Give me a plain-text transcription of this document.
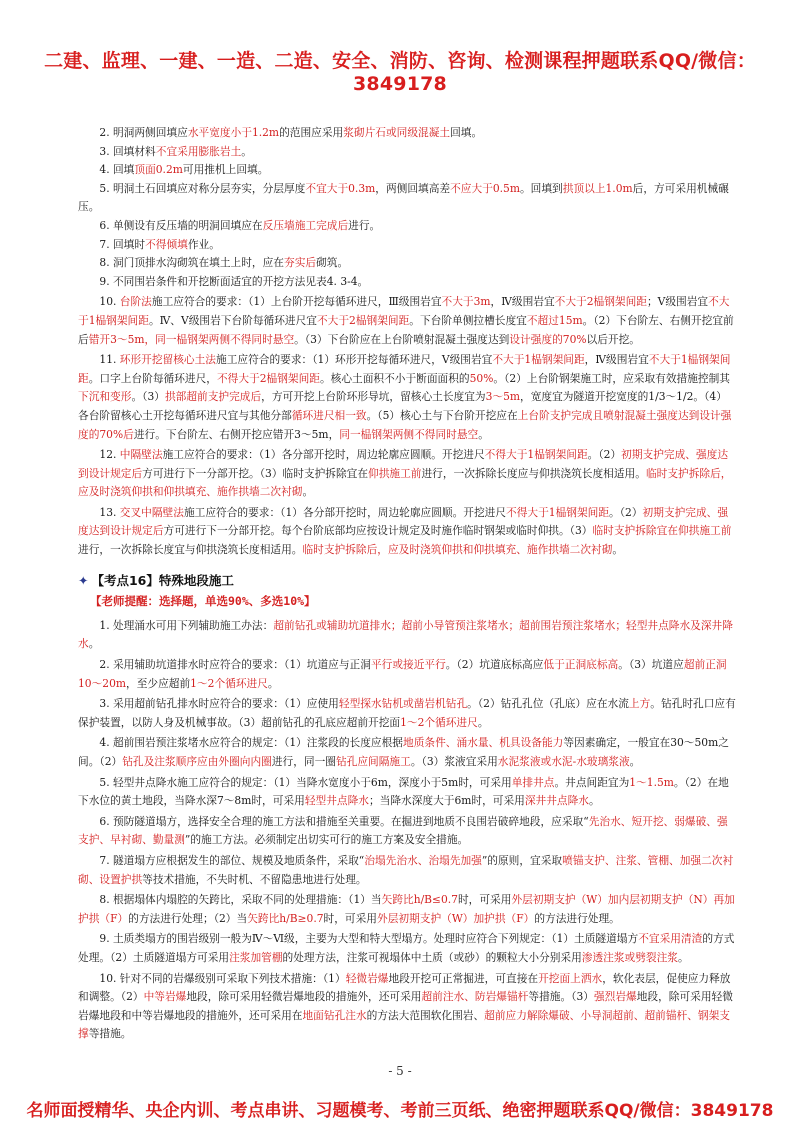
二建、监理、一建、一造、二造、安全、消防、咨询、检测课程押题联系QQ/微信：3849178

2. 明洞两侧回填应水平宽度小于1.2m的范围应采用浆砌片石或同级混凝土回填。

3. 回填材料不宜采用膨胀岩土。

4. 回填顶面0.2m可用推机上回填。

5. 明洞土石回填应对称分层夯实，分层厚度不宜大于0.3m，两侧回填高差不应大于0.5m。回填到拱顶以上1.0m后，方可采用机械碾压。

6. 单侧设有反压墙的明洞回填应在反压墙施工完成后进行。

7. 回填时不得倾填作业。

8. 洞门顶排水沟砌筑在填土上时，应在夯实后砌筑。

9. 不同围岩条件和开挖断面适宜的开挖方法见表4. 3-4。

10. 台阶法施工应符合的要求：（1）上台阶开挖每循环进尺，Ⅲ级围岩宜不大于3m，Ⅳ级围岩宜不大于2榀钢架间距；Ⅴ级围岩宜不大于1榀钢架间距。Ⅳ、Ⅴ级围岩下台阶每循环进尺宜不大于2榀钢架间距。下台阶单侧拉槽长度宜不超过15m。（2）下台阶左、右侧开挖宜前后错开3～5m，同一榀钢架两侧不得同时悬空。（3）下台阶应在上台阶喷射混凝土强度达到设计强度的70%以后开挖。

11. 环形开挖留核心土法施工应符合的要求：（1）环形开挖每循环进尺，Ⅴ级围岩宜不大于1榀钢架间距，Ⅳ级围岩宜不大于1榀钢架间距。口字上台阶每循环进尺，不得大于2榀钢架间距。核心土面积不小于断面面积的50%。（2）上台阶钢架施工时，应采取有效措施控制其下沉和变形。（3）拱部超前支护完成后，方可开挖上台阶环形导坑，留核心土长度宜为3～5m，宽度宜为隧道开挖宽度的1/3～1/2。（4）各台阶留核心土开挖每循环进尺宜与其他分部循环进尺相一致。（5）核心土与下台阶开挖应在上台阶支护完成且喷射混凝土强度达到设计强度的70%后进行。下台阶左、右侧开挖应错开3～5m，同一榀钢架两侧不得同时悬空。

12. 中隔壁法施工应符合的要求：（1）各分部开挖时，周边轮廓应圆顺。开挖进尺不得大于1榀钢架间距。（2）初期支护完成、强度达到设计规定后方可进行下一分部开挖。（3）临时支护拆除宜在仰拱施工前进行，一次拆除长度应与仰拱浇筑长度相适用。临时支护拆除后，应及时浇筑仰拱和仰拱填充、施作拱墙二次衬砌。

13. 交叉中隔壁法施工应符合的要求：（1）各分部开挖时，周边轮廓应圆顺。开挖进尺不得大于1榀钢架间距。（2）初期支护完成、强度达到设计规定后方可进行下一分部开挖。每个台阶底部均应按设计规定及时施作临时钢架或临时仰拱。（3）临时支护拆除宜在仰拱施工前进行，一次拆除长度宜与仰拱浇筑长度相适用。临时支护拆除后，应及时浇筑仰拱和仰拱填充、施作拱墙二次衬砌。

✦ 【考点16】特殊地段施工
【老师提醒：选择题，单选90%、多选10%】

1. 处理涌水可用下列辅助施工办法：超前钻孔或辅助坑道排水；超前小导管预注浆堵水；超前围岩预注浆堵水；轻型井点降水及深井降水。

2. 采用辅助坑道排水时应符合的要求：（1）坑道应与正洞平行或接近平行。（2）坑道底标高应低于正洞底标高。（3）坑道应超前正洞10～20m，至少应超前1～2个循环进尺。

3. 采用超前钻孔排水时应符合的要求：（1）应使用轻型探水钻机或凿岩机钻孔。（2）钻孔孔位（孔底）应在水流上方。钻孔时孔口应有保护装置，以防人身及机械事故。（3）超前钻孔的孔底应超前开挖面1～2个循环进尺。

4. 超前围岩预注浆堵水应符合的规定：（1）注浆段的长度应根据地质条件、涌水量、机具设备能力等因素确定，一般宜在30～50m之间。（2）钻孔及注浆顺序应由外圈向内圈进行，同一圈钻孔应间隔施工。（3）浆液宜采用水泥浆液或水泥-水玻璃浆液。

5. 轻型井点降水施工应符合的规定：（1）当降水宽度小于6m，深度小于5m时，可采用单排井点。井点间距宜为1～1.5m。（2）在地下水位的黄土地段，当降水深7～8m时，可采用轻型井点降水；当降水深度大于6m时，可采用深井井点降水。

6. 预防隧道塌方，选择安全合理的施工方法和措施至关重要。在掘进到地质不良围岩破碎地段，应采取“先治水、短开挖、弱爆破、强支护、早衬砌、勤量测”的施工方法。必须制定出切实可行的施工方案及安全措施。

7. 隧道塌方应根据发生的部位、规模及地质条件，采取“治塌先治水、治塌先加强”的原则，宜采取喷锚支护、注浆、管棚、加强二次衬砌、设置护拱等技术措施，不失时机、不留隐患地进行处理。

8. 根据塌体内塌腔的矢跨比，采取不同的处理措施：（1）当矢跨比h/B≤0.7时，可采用外层初期支护（W）加内层初期支护（N）再加护拱（F）的方法进行处理；（2）当矢跨比h/B≥0.7时，可采用外层初期支护（W）加护拱（F）的方法进行处理。

9. 土质类塌方的围岩级别一般为Ⅳ～Ⅵ级，主要为大型和特大型塌方。处理时应符合下列规定：（1）土质隧道塌方不宜采用清渣的方式处理。（2）土质隧道塌方可采用注浆加管棚的处理方法，注浆可视塌体中土质（或砂）的颗粒大小分别采用渗透注浆或劈裂注浆。

10. 针对不同的岩爆级别可采取下列技术措施：（1）轻微岩爆地段开挖可正常掘进，可直接在开挖面上洒水，软化表层，促使应力释放和调整。（2）中等岩爆地段，除可采用轻微岩爆地段的措施外，还可采用超前注水、防岩爆锚杆等措施。（3）强烈岩爆地段，除可采用轻微岩爆地段和中等岩爆地段的措施外，还可采用在地面钻孔注水的方法大范围软化围岩、超前应力解除爆破、小导洞超前、超前锚杆、钢架支撑等措施。

- 5 -
名师面授精华、央企内训、考点串讲、习题模考、考前三页纸、绝密押题联系QQ/微信：3849178
